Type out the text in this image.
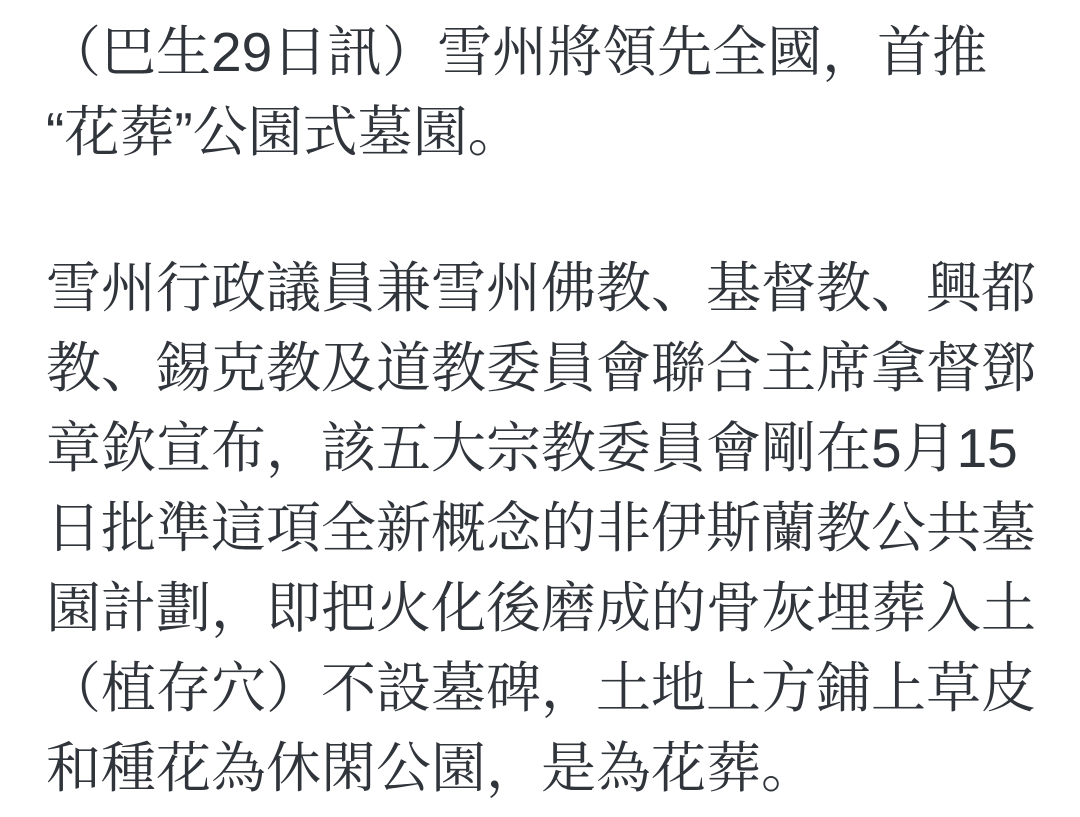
（巴生29日訊）雪州將領先全國，首推
“花葬”公園式墓園。
雪州行政議員兼雪州佛教、基督教、興都
教、錫克教及道教委員會聯合主席拿督鄧
章欽宣布，該五大宗教委員會剛在5月15
日批準這項全新概念的非伊斯蘭教公共墓
園計劃，即把火化後磨成的骨灰埋葬入土
（植存穴）不設墓碑，土地上方鋪上草皮
和種花為休閑公園，是為花葬。
